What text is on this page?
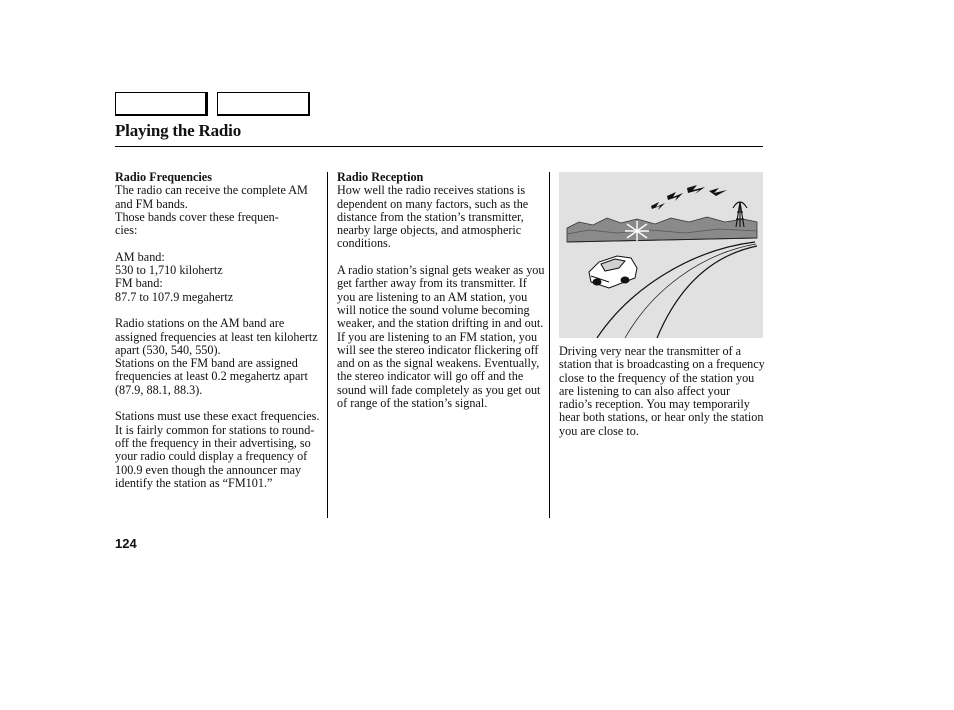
Playing the Radio
Radio Frequencies

The radio can receive the complete AM and FM bands.

Those bands cover these frequen-
cies:

AM band:
530 to 1,710 kilohertz
FM band:
87.7 to 107.9 megahertz

Radio stations on the AM band are assigned frequencies at least ten kilohertz apart (530, 540, 550).

Stations on the FM band are assigned frequencies at least 0.2 megahertz apart (87.9, 88.1, 88.3).

Stations must use these exact frequencies. It is fairly common for stations to round-off the frequency in their advertising, so your radio could display a frequency of 100.9 even though the announcer may identify the station as “FM101.”

Radio Reception

How well the radio receives stations is dependent on many factors, such as the distance from the station’s transmitter, nearby large objects, and atmospheric conditions.

A radio station’s signal gets weaker as you get farther away from its transmitter. If you are listening to an AM station, you will notice the sound volume becoming weaker, and the station drifting in and out. If you are listening to an FM station, you will see the stereo indicator flickering off and on as the signal weakens. Eventually, the stereo indicator will go off and the sound will fade completely as you get out of range of the station’s signal.

Driving very near the transmitter of a station that is broadcasting on a frequency close to the frequency of the station you are listening to can also affect your radio’s reception. You may temporarily hear both stations, or hear only the station you are close to.

124
